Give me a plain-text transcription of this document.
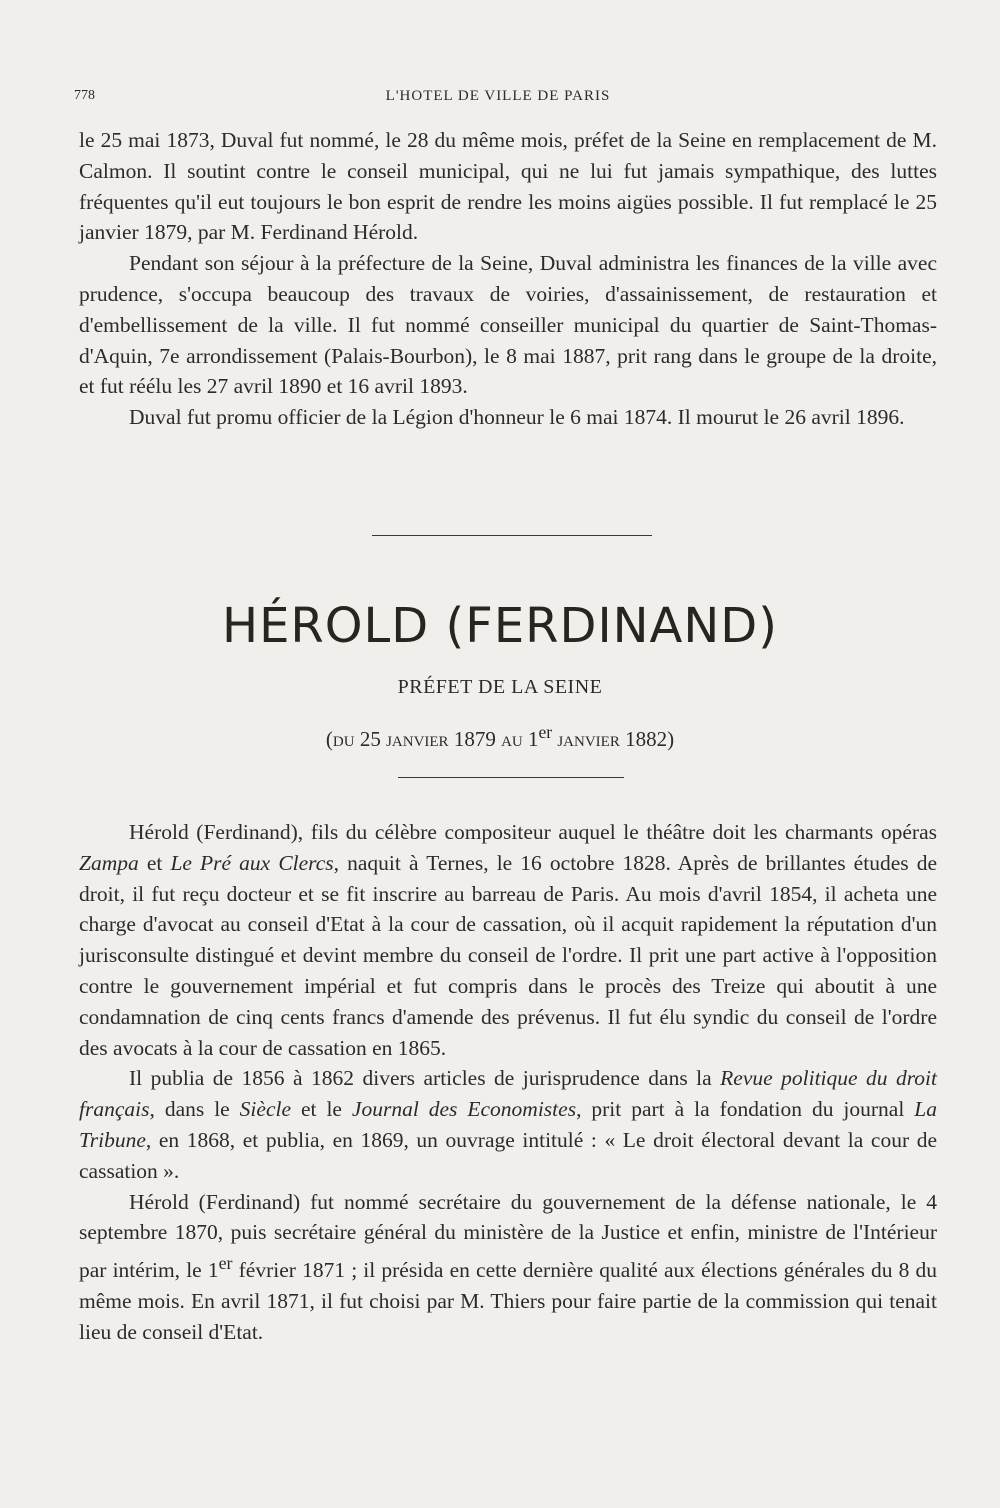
778	L'HOTEL DE VILLE DE PARIS

le 25 mai 1873, Duval fut nommé, le 28 du même mois, préfet de la Seine en remplacement de M. Calmon. Il soutint contre le conseil municipal, qui ne lui fut jamais sympathique, des luttes fréquentes qu'il eut toujours le bon esprit de rendre les moins aigües possible. Il fut remplacé le 25 janvier 1879, par M. Ferdinand Hérold.

Pendant son séjour à la préfecture de la Seine, Duval administra les finances de la ville avec prudence, s'occupa beaucoup des travaux de voiries, d'assainissement, de restauration et d'embellissement de la ville. Il fut nommé conseiller municipal du quartier de Saint-Thomas-d'Aquin, 7e arrondissement (Palais-Bourbon), le 8 mai 1887, prit rang dans le groupe de la droite, et fut réélu les 27 avril 1890 et 16 avril 1893.

Duval fut promu officier de la Légion d'honneur le 6 mai 1874. Il mourut le 26 avril 1896.

HÉROLD (FERDINAND)
PRÉFET DE LA SEINE
(du 25 janvier 1879 au 1er janvier 1882)

Hérold (Ferdinand), fils du célèbre compositeur auquel le théâtre doit les charmants opéras Zampa et Le Pré aux Clercs, naquit à Ternes, le 16 octobre 1828. Après de brillantes études de droit, il fut reçu docteur et se fit inscrire au barreau de Paris. Au mois d'avril 1854, il acheta une charge d'avocat au conseil d'Etat à la cour de cassation, où il acquit rapidement la réputation d'un jurisconsulte distingué et devint membre du conseil de l'ordre. Il prit une part active à l'opposition contre le gouvernement impérial et fut compris dans le procès des Treize qui aboutit à une condamnation de cinq cents francs d'amende des prévenus. Il fut élu syndic du conseil de l'ordre des avocats à la cour de cassation en 1865.

Il publia de 1856 à 1862 divers articles de jurisprudence dans la Revue politique du droit français, dans le Siècle et le Journal des Economistes, prit part à la fondation du journal La Tribune, en 1868, et publia, en 1869, un ouvrage intitulé : « Le droit électoral devant la cour de cassation ».

Hérold (Ferdinand) fut nommé secrétaire du gouvernement de la défense nationale, le 4 septembre 1870, puis secrétaire général du ministère de la Justice et enfin, ministre de l'Intérieur par intérim, le 1er février 1871 ; il présida en cette dernière qualité aux élections générales du 8 du même mois. En avril 1871, il fut choisi par M. Thiers pour faire partie de la commission qui tenait lieu de conseil d'Etat.
